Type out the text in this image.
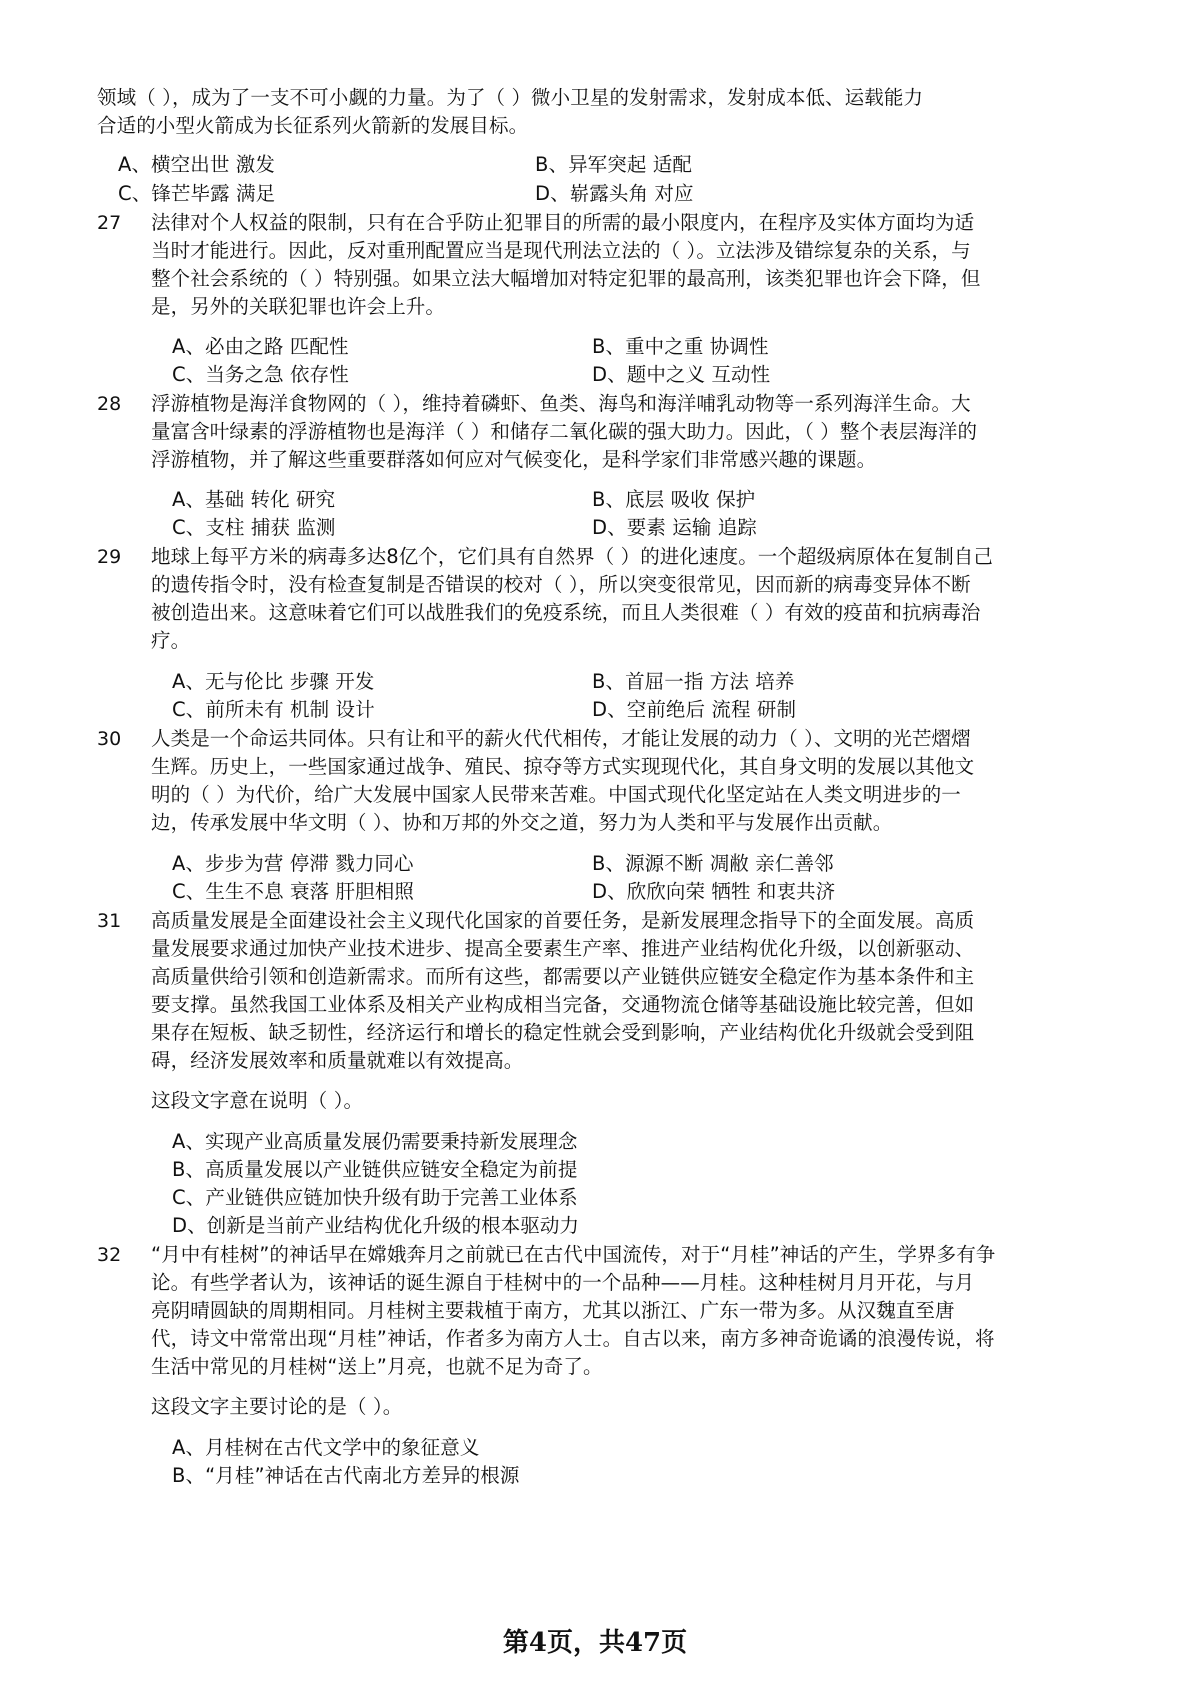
领域（ ），成为了一支不可小觑的力量。为了（ ）微小卫星的发射需求，发射成本低、运载能力
合适的小型火箭成为长征系列火箭新的发展目标。
A、横空出世 激发	B、异军突起 适配
C、锋芒毕露 满足	D、崭露头角 对应
27 法律对个人权益的限制，只有在合乎防止犯罪目的所需的最小限度内，在程序及实体方面均为适
当时才能进行。因此，反对重刑配置应当是现代刑法立法的（ ）。立法涉及错综复杂的关系，与
整个社会系统的（ ）特别强。如果立法大幅增加对特定犯罪的最高刑，该类犯罪也许会下降，但
是，另外的关联犯罪也许会上升。
A、必由之路 匹配性	B、重中之重 协调性
C、当务之急 依存性	D、题中之义 互动性
28 浮游植物是海洋食物网的（ ），维持着磷虾、鱼类、海鸟和海洋哺乳动物等一系列海洋生命。大
量富含叶绿素的浮游植物也是海洋（ ）和储存二氧化碳的强大助力。因此，（ ）整个表层海洋的
浮游植物，并了解这些重要群落如何应对气候变化，是科学家们非常感兴趣的课题。
A、基础 转化 研究	B、底层 吸收 保护
C、支柱 捕获 监测	D、要素 运输 追踪
29 地球上每平方米的病毒多达8亿个，它们具有自然界（ ）的进化速度。一个超级病原体在复制自己
的遗传指令时，没有检查复制是否错误的校对（ ），所以突变很常见，因而新的病毒变异体不断
被创造出来。这意味着它们可以战胜我们的免疫系统，而且人类很难（ ）有效的疫苗和抗病毒治
疗。
A、无与伦比 步骤 开发	B、首屈一指 方法 培养
C、前所未有 机制 设计	D、空前绝后 流程 研制
30 人类是一个命运共同体。只有让和平的薪火代代相传，才能让发展的动力（ ）、文明的光芒熠熠
生辉。历史上，一些国家通过战争、殖民、掠夺等方式实现现代化，其自身文明的发展以其他文
明的（ ）为代价，给广大发展中国家人民带来苦难。中国式现代化坚定站在人类文明进步的一
边，传承发展中华文明（ ）、协和万邦的外交之道，努力为人类和平与发展作出贡献。
A、步步为营 停滞 戮力同心	B、源源不断 凋敝 亲仁善邻
C、生生不息 衰落 肝胆相照	D、欣欣向荣 牺牲 和衷共济
31 高质量发展是全面建设社会主义现代化国家的首要任务，是新发展理念指导下的全面发展。高质
量发展要求通过加快产业技术进步、提高全要素生产率、推进产业结构优化升级，以创新驱动、
高质量供给引领和创造新需求。而所有这些，都需要以产业链供应链安全稳定作为基本条件和主
要支撑。虽然我国工业体系及相关产业构成相当完备，交通物流仓储等基础设施比较完善，但如
果存在短板、缺乏韧性，经济运行和增长的稳定性就会受到影响，产业结构优化升级就会受到阻
碍，经济发展效率和质量就难以有效提高。
这段文字意在说明（ ）。
A、实现产业高质量发展仍需要秉持新发展理念
B、高质量发展以产业链供应链安全稳定为前提
C、产业链供应链加快升级有助于完善工业体系
D、创新是当前产业结构优化升级的根本驱动力
32 “月中有桂树”的神话早在嫦娥奔月之前就已在古代中国流传，对于“月桂”神话的产生，学界多有争
论。有些学者认为，该神话的诞生源自于桂树中的一个品种——月桂。这种桂树月月开花，与月
亮阴晴圆缺的周期相同。月桂树主要栽植于南方，尤其以浙江、广东一带为多。从汉魏直至唐
代，诗文中常常出现“月桂”神话，作者多为南方人士。自古以来，南方多神奇诡谲的浪漫传说，将
生活中常见的月桂树“送上”月亮，也就不足为奇了。
这段文字主要讨论的是（ ）。
A、月桂树在古代文学中的象征意义
B、“月桂”神话在古代南北方差异的根源
第4页，共47页
